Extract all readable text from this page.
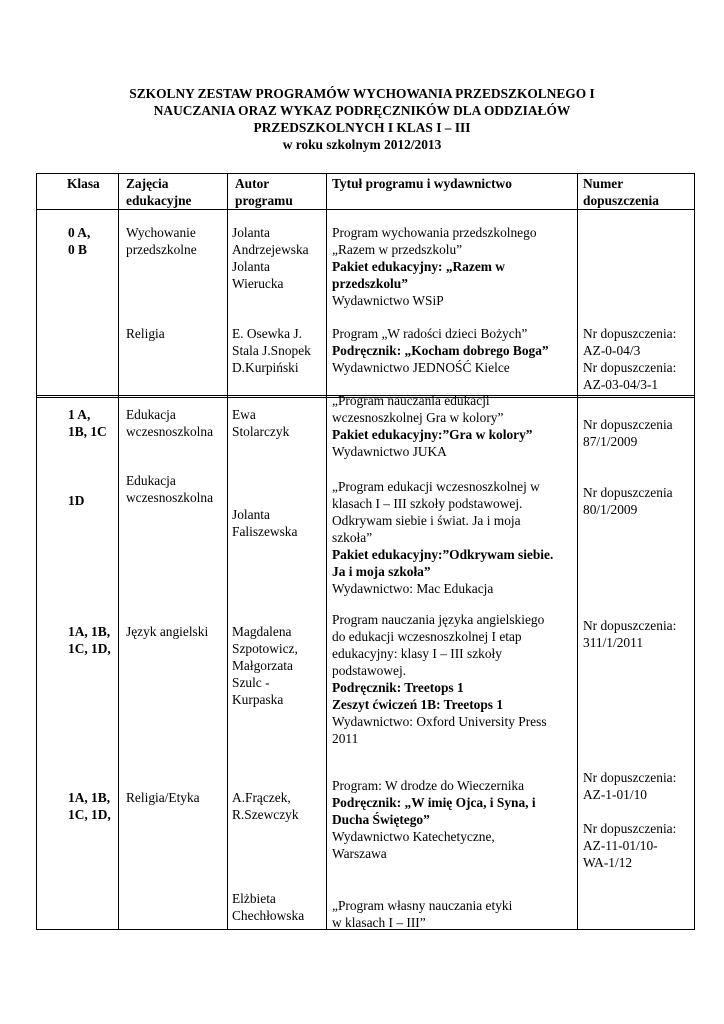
SZKOLNY ZESTAW PROGRAMÓW WYCHOWANIA PRZEDSZKOLNEGO I
NAUCZANIA ORAZ WYKAZ PODRĘCZNIKÓW DLA ODDZIAŁÓW
PRZEDSZKOLNYCH I KLAS I – III
w roku szkolnym 2012/2013
Klasa Zajęcia
edukacyjne
Autor
programu
Tytuł programu i wydawnictwo	Numer
dopuszczenia
0 A,
0 B
Wychowanie
przedszkolne
Jolanta
Andrzejewska
Jolanta
Wierucka
Program wychowania przedszkolnego
„Razem w przedszkolu”
Pakiet edukacyjny: „Razem w
przedszkolu”
Wydawnictwo WSiP
Religia	E. Osewka J.
Stala J.Snopek
D.Kurpiński
Program „W radości dzieci Bożych”
Podręcznik: „Kocham dobrego Boga”
Wydawnictwo JEDNOŚĆ Kielce
Nr dopuszczenia:
AZ-0-04/3
Nr dopuszczenia:
AZ-03-04/3-1
1 A,
1B, 1C
Edukacja
wczesnoszkolna
Ewa
Stolarczyk
„Program nauczania edukacji
wczesnoszkolnej Gra w kolory”
Pakiet edukacyjny:”Gra w kolory”
Wydawnictwo JUKA
Nr dopuszczenia
87/1/2009
1D
Edukacja
wczesnoszkolna
Jolanta
Faliszewska
„Program edukacji wczesnoszkolnej w
klasach I – III szkoły podstawowej.
Odkrywam siebie i świat. Ja i moja
szkoła”
Pakiet edukacyjny:”Odkrywam siebie.
Ja i moja szkoła”
Wydawnictwo: Mac Edukacja
Nr dopuszczenia
80/1/2009
1A, 1B,
1C, 1D,
Język angielski Magdalena
Szpotowicz,
Małgorzata
Szulc -
Kurpaska
Program nauczania języka angielskiego
do edukacji wczesnoszkolnej I etap
edukacyjny: klasy I – III szkoły
podstawowej.
Podręcznik: Treetops 1
Zeszyt ćwiczeń 1B: Treetops 1
Wydawnictwo: Oxford University Press
2011
Nr dopuszczenia:
311/1/2011
1A, 1B,
1C, 1D,
Religia/Etyka A.Frączek,
R.Szewczyk
Program: W drodze do Wieczernika
Podręcznik: „W imię Ojca, i Syna, i
Ducha Świętego”
Wydawnictwo Katechetyczne,
Warszawa
Nr dopuszczenia:
AZ-1-01/10
Nr dopuszczenia:
AZ-11-01/10-
WA-1/12
Elżbieta
Chechłowska
„Program własny nauczania etyki
w klasach I – III”
